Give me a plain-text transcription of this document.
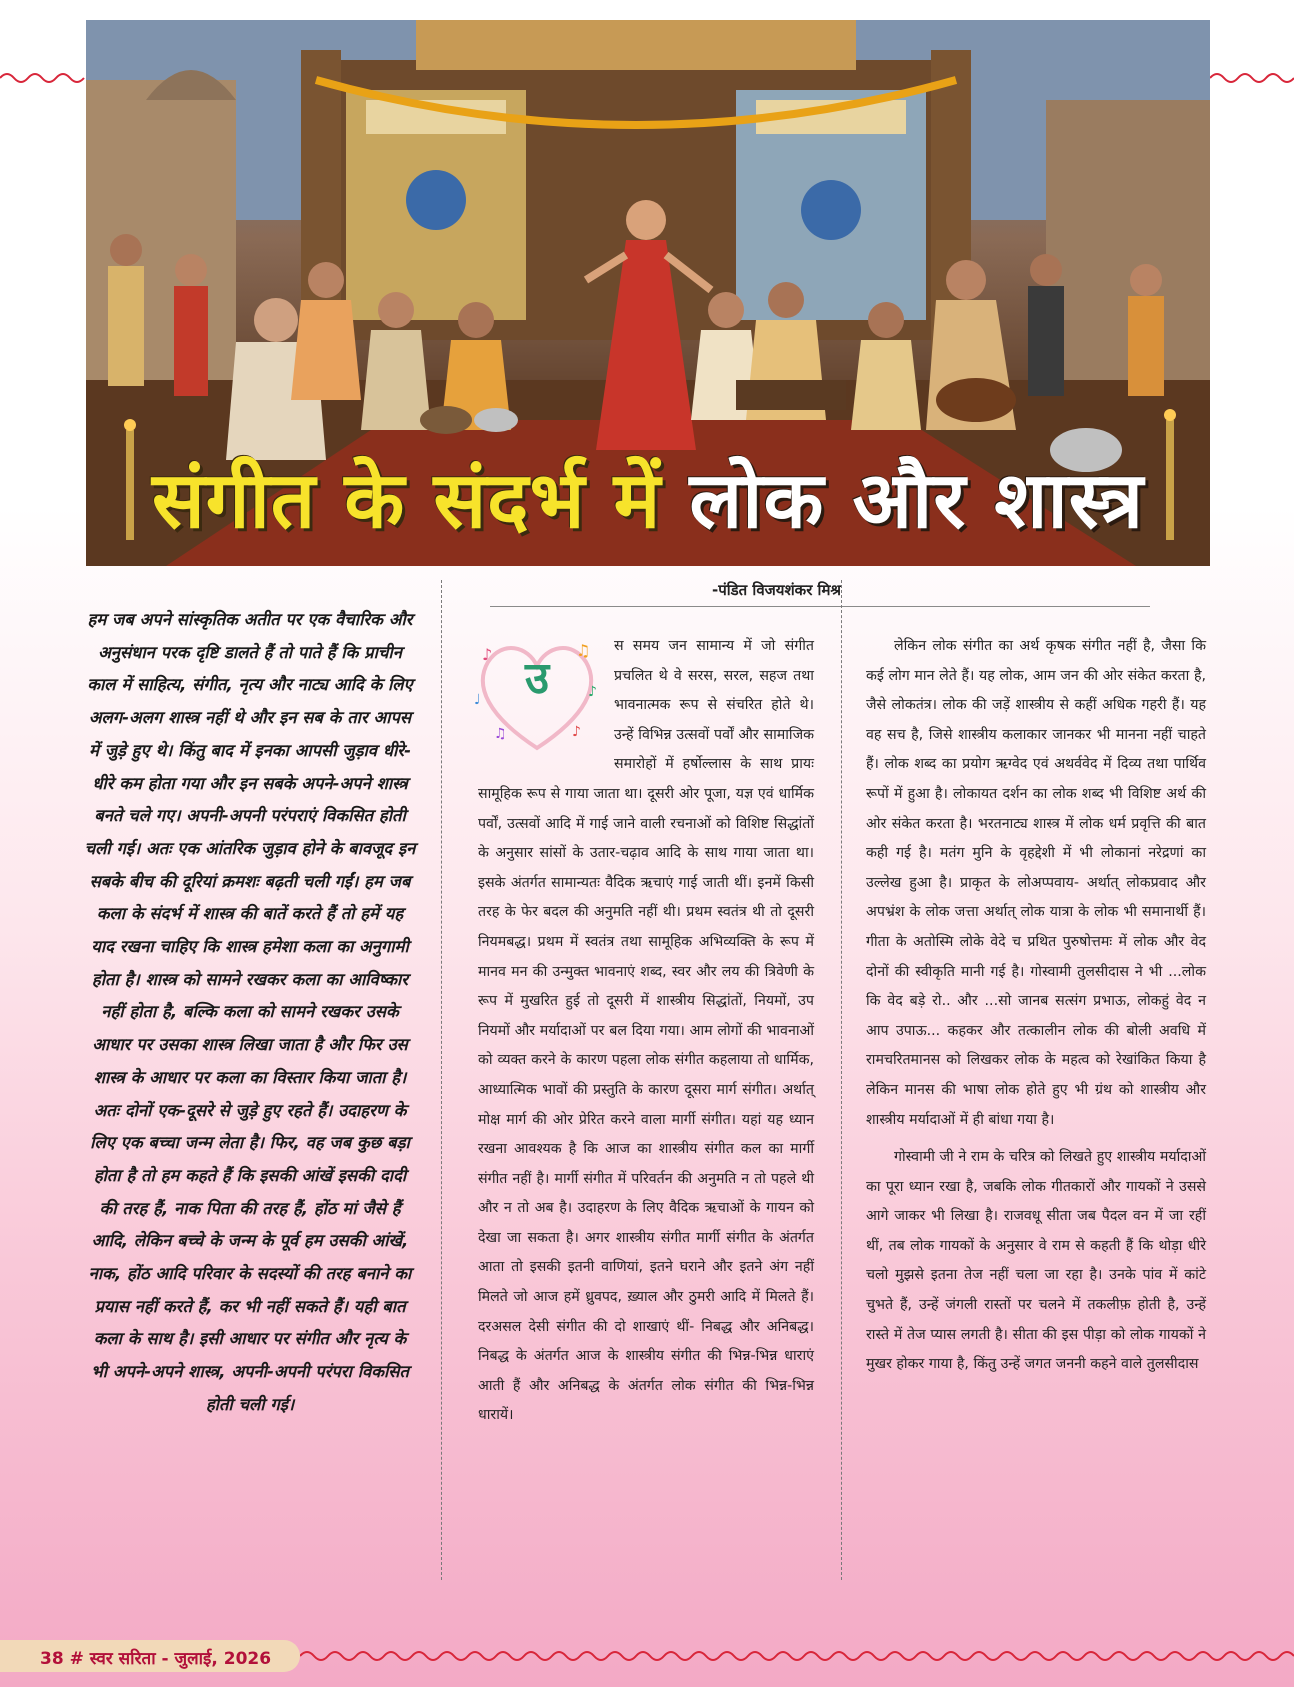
संगीत के संदर्भ में लोक और शास्त्र
-पंडित विजयशंकर मिश्र

हम जब अपने सांस्कृतिक अतीत पर एक वैचारिक और अनुसंधान परक दृष्टि डालते हैं तो पाते हैं कि प्राचीन काल में साहित्य, संगीत, नृत्य और नाट्य आदि के लिए अलग-अलग शास्त्र नहीं थे और इन सब के तार आपस में जुड़े हुए थे। किंतु बाद में इनका आपसी जुड़ाव धीरे-धीरे कम होता गया और इन सबके अपने-अपने शास्त्र बनते चले गए। अपनी-अपनी परंपराएं विकसित होती चली गई। अतः एक आंतरिक जुड़ाव होने के बावजूद इन सबके बीच की दूरियां क्रमशः बढ़ती चली गईं। हम जब कला के संदर्भ में शास्त्र की बातें करते हैं तो हमें यह याद रखना चाहिए कि शास्त्र हमेशा कला का अनुगामी होता है। शास्त्र को सामने रखकर कला का आविष्कार नहीं होता है, बल्कि कला को सामने रखकर उसके आधार पर उसका शास्त्र लिखा जाता है और फिर उस शास्त्र के आधार पर कला का विस्तार किया जाता है। अतः दोनों एक-दूसरे से जुड़े हुए रहते हैं। उदाहरण के लिए एक बच्चा जन्म लेता है। फिर, वह जब कुछ बड़ा होता है तो हम कहते हैं कि इसकी आंखें इसकी दादी की तरह हैं, नाक पिता की तरह हैं, होंठ मां जैसे हैं आदि, लेकिन बच्चे के जन्म के पूर्व हम उसकी आंखें, नाक, होंठ आदि परिवार के सदस्यों की तरह बनाने का प्रयास नहीं करते हैं, कर भी नहीं सकते हैं। यही बात कला के साथ है। इसी आधार पर संगीत और नृत्य के भी अपने-अपने शास्त्र, अपनी-अपनी परंपरा विकसित होती चली गई।

♪	♫
♩	♪
♫	♪
उ

स समय जन सामान्य में जो संगीत प्रचलित थे वे सरस, सरल, सहज तथा भावनात्मक रूप से संचरित होते थे। उन्हें विभिन्न उत्सवों पर्वों और सामाजिक समारोहों में हर्षोल्लास के साथ प्रायः सामूहिक रूप से गाया जाता था। दूसरी ओर पूजा, यज्ञ एवं धार्मिक पर्वों, उत्सवों आदि में गाई जाने वाली रचनाओं को विशिष्ट सिद्धांतों के अनुसार सांसों के उतार-चढ़ाव आदि के साथ गाया जाता था। इसके अंतर्गत सामान्यतः वैदिक ऋचाएं गाई जाती थीं। इनमें किसी तरह के फेर बदल की अनुमति नहीं थी। प्रथम स्वतंत्र थी तो दूसरी नियमबद्ध। प्रथम में स्वतंत्र तथा सामूहिक अभिव्यक्ति के रूप में मानव मन की उन्मुक्त भावनाएं शब्द, स्वर और लय की त्रिवेणी के रूप में मुखरित हुई तो दूसरी में शास्त्रीय सिद्धांतों, नियमों, उप नियमों और मर्यादाओं पर बल दिया गया। आम लोगों की भावनाओं को व्यक्त करने के कारण पहला लोक संगीत कहलाया तो धार्मिक, आध्यात्मिक भावों की प्रस्तुति के कारण दूसरा मार्ग संगीत। अर्थात् मोक्ष मार्ग की ओर प्रेरित करने वाला मार्गी संगीत। यहां यह ध्यान रखना आवश्यक है कि आज का शास्त्रीय संगीत कल का मार्गी संगीत नहीं है। मार्गी संगीत में परिवर्तन की अनुमति न तो पहले थी और न तो अब है। उदाहरण के लिए वैदिक ऋचाओं के गायन को देखा जा सकता है। अगर शास्त्रीय संगीत मार्गी संगीत के अंतर्गत आता तो इसकी इतनी वाणियां, इतने घराने और इतने अंग नहीं मिलते जो आज हमें ध्रुवपद, ख़्याल और ठुमरी आदि में मिलते हैं। दरअसल देसी संगीत की दो शाखाएं थीं- निबद्ध और अनिबद्ध। निबद्ध के अंतर्गत आज के शास्त्रीय संगीत की भिन्न-भिन्न धाराएं आती हैं और अनिबद्ध के अंतर्गत लोक संगीत की भिन्न-भिन्न धारायें।

लेकिन लोक संगीत का अर्थ कृषक संगीत नहीं है, जैसा कि कई लोग मान लेते हैं। यह लोक, आम जन की ओर संकेत करता है, जैसे लोकतंत्र। लोक की जड़ें शास्त्रीय से कहीं अधिक गहरी हैं। यह वह सच है, जिसे शास्त्रीय कलाकार जानकर भी मानना नहीं चाहते हैं। लोक शब्द का प्रयोग ऋग्वेद एवं अथर्ववेद में दिव्य तथा पार्थिव रूपों में हुआ है। लोकायत दर्शन का लोक शब्द भी विशिष्ट अर्थ की ओर संकेत करता है। भरतनाट्य शास्त्र में लोक धर्म प्रवृत्ति की बात कही गई है। मतंग मुनि के वृहद्देशी में भी लोकानां नरेद्रणां का उल्लेख हुआ है। प्राकृत के लोअप्पवाय- अर्थात् लोकप्रवाद और अपभ्रंश के लोक जत्ता अर्थात् लोक यात्रा के लोक भी समानार्थी हैं। गीता के अतोस्मि लोके वेदे च प्रथित पुरुषोत्तमः में लोक और वेद दोनों की स्वीकृति मानी गई है। गोस्वामी तुलसीदास ने भी ...लोक कि वेद बड़े रो.. और ...सो जानब सत्संग प्रभाऊ, लोकहुं वेद न आप उपाऊ... कहकर और तत्कालीन लोक की बोली अवधि में रामचरितमानस को लिखकर लोक के महत्व को रेखांकित किया है लेकिन मानस की भाषा लोक होते हुए भी ग्रंथ को शास्त्रीय और शास्त्रीय मर्यादाओं में ही बांधा गया है।

गोस्वामी जी ने राम के चरित्र को लिखते हुए शास्त्रीय मर्यादाओं का पूरा ध्यान रखा है, जबकि लोक गीतकारों और गायकों ने उससे आगे जाकर भी लिखा है। राजवधू सीता जब पैदल वन में जा रहीं थीं, तब लोक गायकों के अनुसार वे राम से कहती हैं कि थोड़ा धीरे चलो मुझसे इतना तेज नहीं चला जा रहा है। उनके पांव में कांटे चुभते हैं, उन्हें जंगली रास्तों पर चलने में तकलीफ़ होती है, उन्हें रास्ते में तेज प्यास लगती है। सीता की इस पीड़ा को लोक गायकों ने मुखर होकर गाया है, किंतु उन्हें जगत जननी कहने वाले तुलसीदास

38 # स्वर सरिता - जुलाई, 2026
